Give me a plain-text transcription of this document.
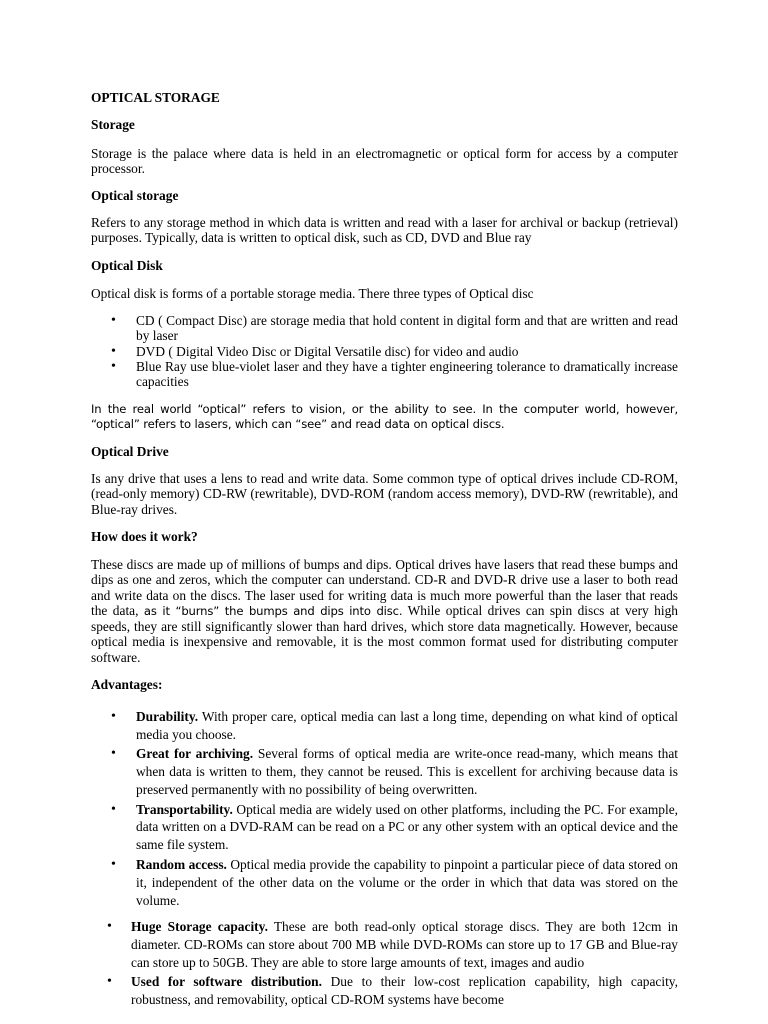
OPTICAL STORAGE

Storage

Storage is the palace where data is held in an electromagnetic or optical form for access by a computer processor.

Optical storage

Refers to any storage method in which data is written and read with a laser for archival or backup (retrieval) purposes. Typically, data is written to optical disk, such as CD, DVD and Blue ray

Optical Disk

Optical disk is forms of a portable storage media. There three types of Optical disc

• CD ( Compact Disc) are storage media that hold content in digital form and that are written and read by laser
• DVD ( Digital Video Disc or Digital Versatile disc) for video and audio
• Blue Ray use blue-violet laser and they have a tighter engineering tolerance to dramatically increase capacities

In the real world “optical” refers to vision, or the ability to see. In the computer world, however, “optical” refers to lasers, which can “see” and read data on optical discs.

Optical Drive

Is any drive that uses a lens to read and write data. Some common type of optical drives include CD-ROM, (read-only memory) CD-RW (rewritable), DVD-ROM (random access memory), DVD-RW (rewritable), and Blue-ray drives.

How does it work?

These discs are made up of millions of bumps and dips. Optical drives have lasers that read these bumps and dips as one and zeros, which the computer can understand. CD-R and DVD-R drive use a laser to both read and write data on the discs. The laser used for writing data is much more powerful than the laser that reads the data, as it “burns” the bumps and dips into disc. While optical drives can spin discs at very high speeds, they are still significantly slower than hard drives, which store data magnetically. However, because optical media is inexpensive and removable, it is the most common format used for distributing computer software.

Advantages:

• Durability. With proper care, optical media can last a long time, depending on what kind of optical media you choose.
• Great for archiving. Several forms of optical media are write-once read-many, which means that when data is written to them, they cannot be reused. This is excellent for archiving because data is preserved permanently with no possibility of being overwritten.
• Transportability. Optical media are widely used on other platforms, including the PC. For example, data written on a DVD-RAM can be read on a PC or any other system with an optical device and the same file system.
• Random access. Optical media provide the capability to pinpoint a particular piece of data stored on it, independent of the other data on the volume or the order in which that data was stored on the volume.
• Huge Storage capacity. These are both read-only optical storage discs. They are both 12cm in diameter. CD-ROMs can store about 700 MB while DVD-ROMs can store up to 17 GB and Blue-ray can store up to 50GB. They are able to store large amounts of text, images and audio
• Used for software distribution. Due to their low-cost replication capability, high capacity, robustness, and removability, optical CD-ROM systems have become
